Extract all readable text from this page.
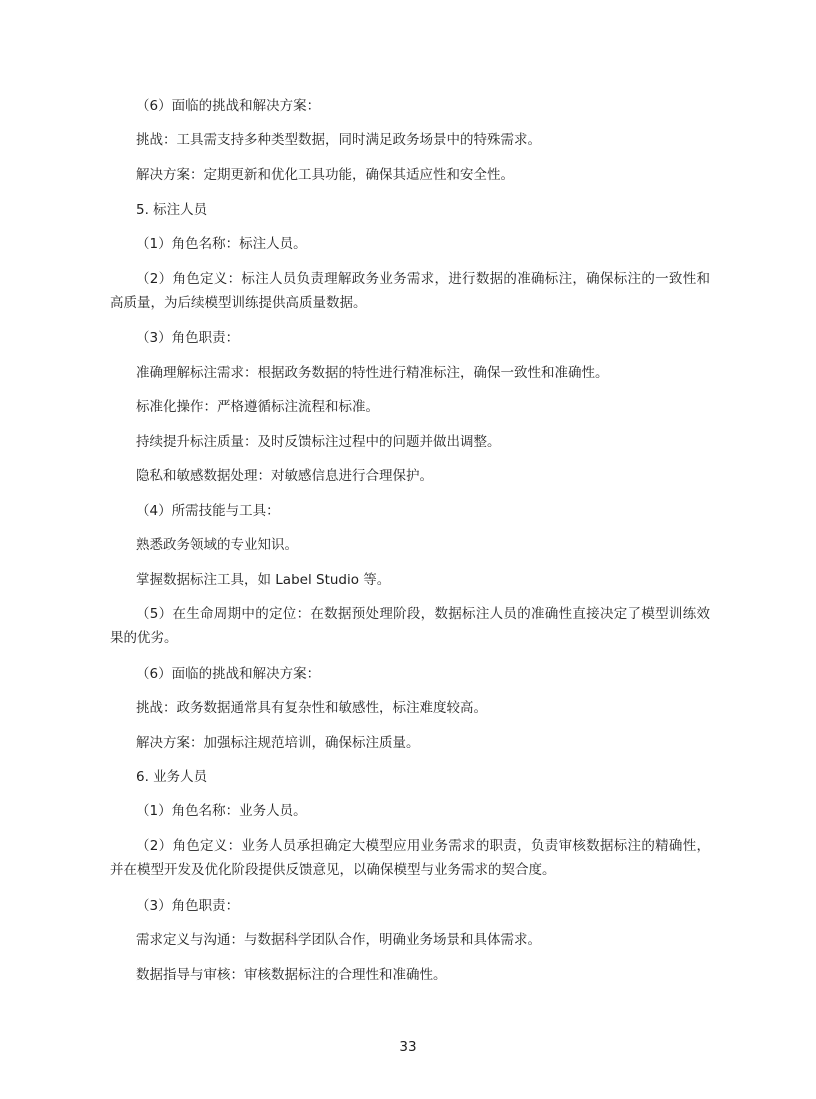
（6）面临的挑战和解决方案：
挑战：工具需支持多种类型数据，同时满足政务场景中的特殊需求。
解决方案：定期更新和优化工具功能，确保其适应性和安全性。
5. 标注人员
（1）角色名称：标注人员。
（2）角色定义：标注人员负责理解政务业务需求，进行数据的准确标注，确保标注的一致性和高质量，为后续模型训练提供高质量数据。
（3）角色职责：
准确理解标注需求：根据政务数据的特性进行精准标注，确保一致性和准确性。
标准化操作：严格遵循标注流程和标准。
持续提升标注质量：及时反馈标注过程中的问题并做出调整。
隐私和敏感数据处理：对敏感信息进行合理保护。
（4）所需技能与工具：
熟悉政务领域的专业知识。
掌握数据标注工具，如 Label Studio 等。
（5）在生命周期中的定位：在数据预处理阶段，数据标注人员的准确性直接决定了模型训练效果的优劣。
（6）面临的挑战和解决方案：
挑战：政务数据通常具有复杂性和敏感性，标注难度较高。
解决方案：加强标注规范培训，确保标注质量。
6. 业务人员
（1）角色名称：业务人员。
（2）角色定义：业务人员承担确定大模型应用业务需求的职责，负责审核数据标注的精确性，并在模型开发及优化阶段提供反馈意见，以确保模型与业务需求的契合度。
（3）角色职责：
需求定义与沟通：与数据科学团队合作，明确业务场景和具体需求。
数据指导与审核：审核数据标注的合理性和准确性。
33
